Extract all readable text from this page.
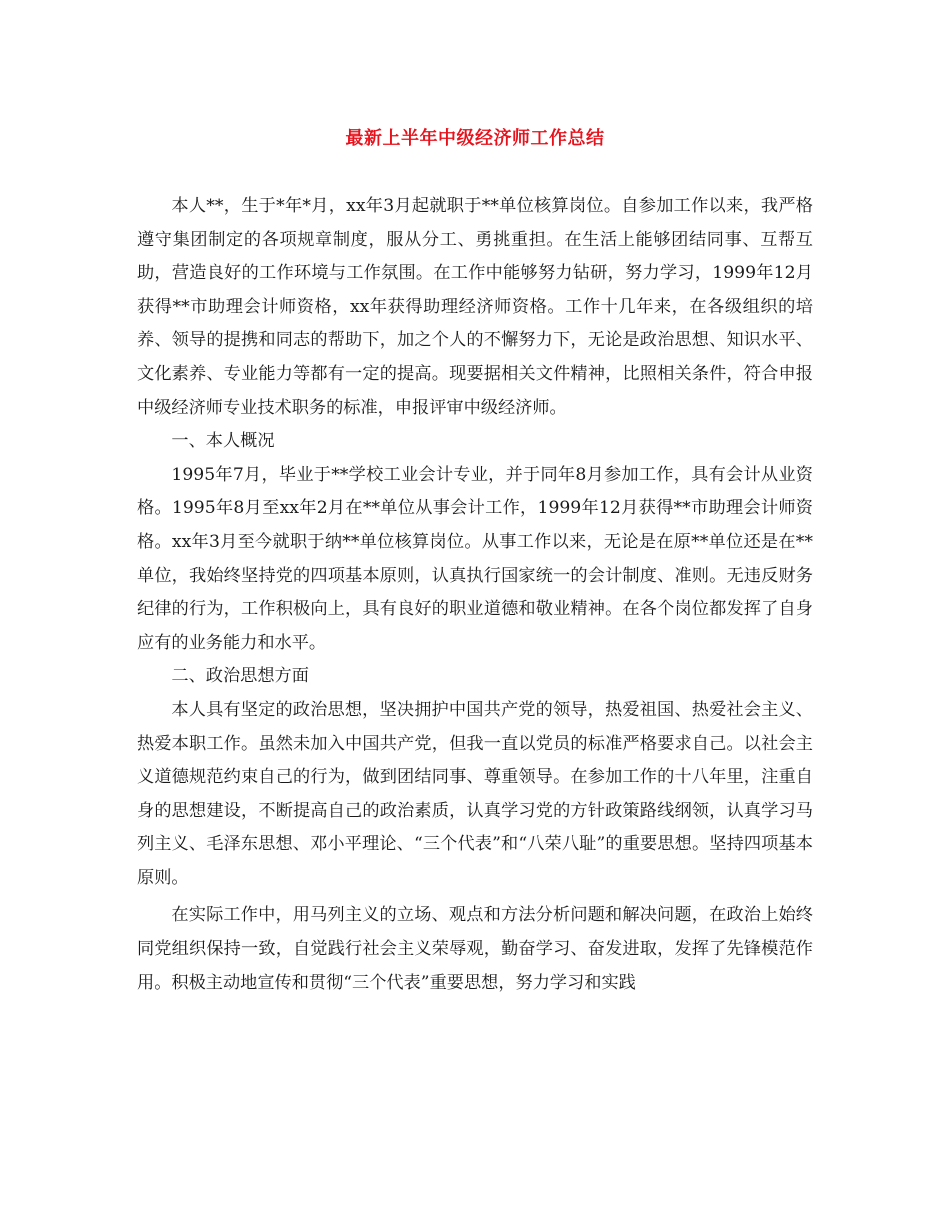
最新上半年中级经济师工作总结

本人**，生于*年*月，xx年3月起就职于**单位核算岗位。自参加工作以来，我严格遵守集团制定的各项规章制度，服从分工、勇挑重担。在生活上能够团结同事、互帮互助，营造良好的工作环境与工作氛围。在工作中能够努力钻研，努力学习，1999年12月获得**市助理会计师资格，xx年获得助理经济师资格。工作十几年来，在各级组织的培养、领导的提携和同志的帮助下，加之个人的不懈努力下，无论是政治思想、知识水平、文化素养、专业能力等都有一定的提高。现要据相关文件精神，比照相关条件，符合申报中级经济师专业技术职务的标准，申报评审中级经济师。

一、本人概况

1995年7月，毕业于**学校工业会计专业，并于同年8月参加工作，具有会计从业资格。1995年8月至xx年2月在**单位从事会计工作，1999年12月获得**市助理会计师资格。xx年3月至今就职于纳**单位核算岗位。从事工作以来，无论是在原**单位还是在**单位，我始终坚持党的四项基本原则，认真执行国家统一的会计制度、准则。无违反财务纪律的行为，工作积极向上，具有良好的职业道德和敬业精神。在各个岗位都发挥了自身应有的业务能力和水平。

二、政治思想方面

本人具有坚定的政治思想，坚决拥护中国共产党的领导，热爱祖国、热爱社会主义、热爱本职工作。虽然未加入中国共产党，但我一直以党员的标准严格要求自己。以社会主义道德规范约束自己的行为，做到团结同事、尊重领导。在参加工作的十八年里，注重自身的思想建设，不断提高自己的政治素质，认真学习党的方针政策路线纲领，认真学习马列主义、毛泽东思想、邓小平理论、“三个代表”和“八荣八耻”的重要思想。坚持四项基本原则。

在实际工作中，用马列主义的立场、观点和方法分析问题和解决问题，在政治上始终同党组织保持一致，自觉践行社会主义荣辱观，勤奋学习、奋发进取，发挥了先锋模范作用。积极主动地宣传和贯彻“三个代表”重要思想，努力学习和实践
